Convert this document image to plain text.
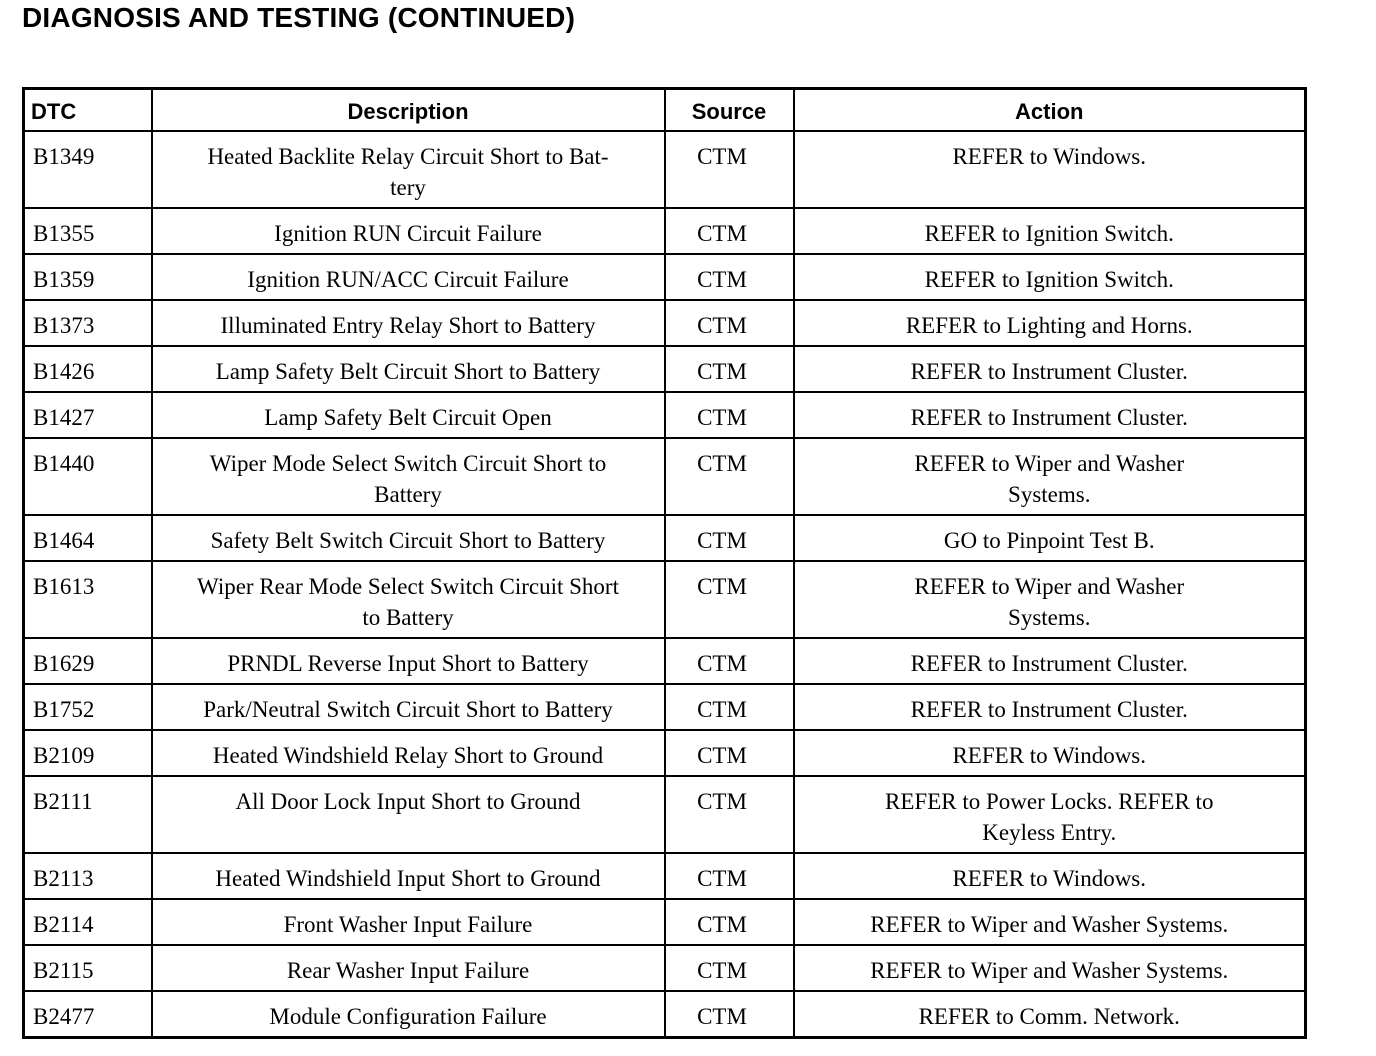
DIAGNOSIS AND TESTING (CONTINUED)
DTC	Description	Source	Action
B1349	Heated Backlite Relay Circuit Short to Bat-
tery	CTM	REFER to Windows.
B1355	Ignition RUN Circuit Failure	CTM	REFER to Ignition Switch.
B1359	Ignition RUN/ACC Circuit Failure	CTM	REFER to Ignition Switch.
B1373	Illuminated Entry Relay Short to Battery	CTM	REFER to Lighting and Horns.
B1426	Lamp Safety Belt Circuit Short to Battery	CTM	REFER to Instrument Cluster.
B1427	Lamp Safety Belt Circuit Open	CTM	REFER to Instrument Cluster.
B1440	Wiper Mode Select Switch Circuit Short to
Battery	CTM	REFER to Wiper and Washer
Systems.
B1464	Safety Belt Switch Circuit Short to Battery	CTM	GO to Pinpoint Test B.
B1613	Wiper Rear Mode Select Switch Circuit Short
to Battery	CTM	REFER to Wiper and Washer
Systems.
B1629	PRNDL Reverse Input Short to Battery	CTM	REFER to Instrument Cluster.
B1752	Park/Neutral Switch Circuit Short to Battery	CTM	REFER to Instrument Cluster.
B2109	Heated Windshield Relay Short to Ground	CTM	REFER to Windows.
B2111	All Door Lock Input Short to Ground	CTM	REFER to Power Locks. REFER to
Keyless Entry.
B2113	Heated Windshield Input Short to Ground	CTM	REFER to Windows.
B2114	Front Washer Input Failure	CTM	REFER to Wiper and Washer Systems.
B2115	Rear Washer Input Failure	CTM	REFER to Wiper and Washer Systems.
B2477	Module Configuration Failure	CTM	REFER to Comm. Network.
